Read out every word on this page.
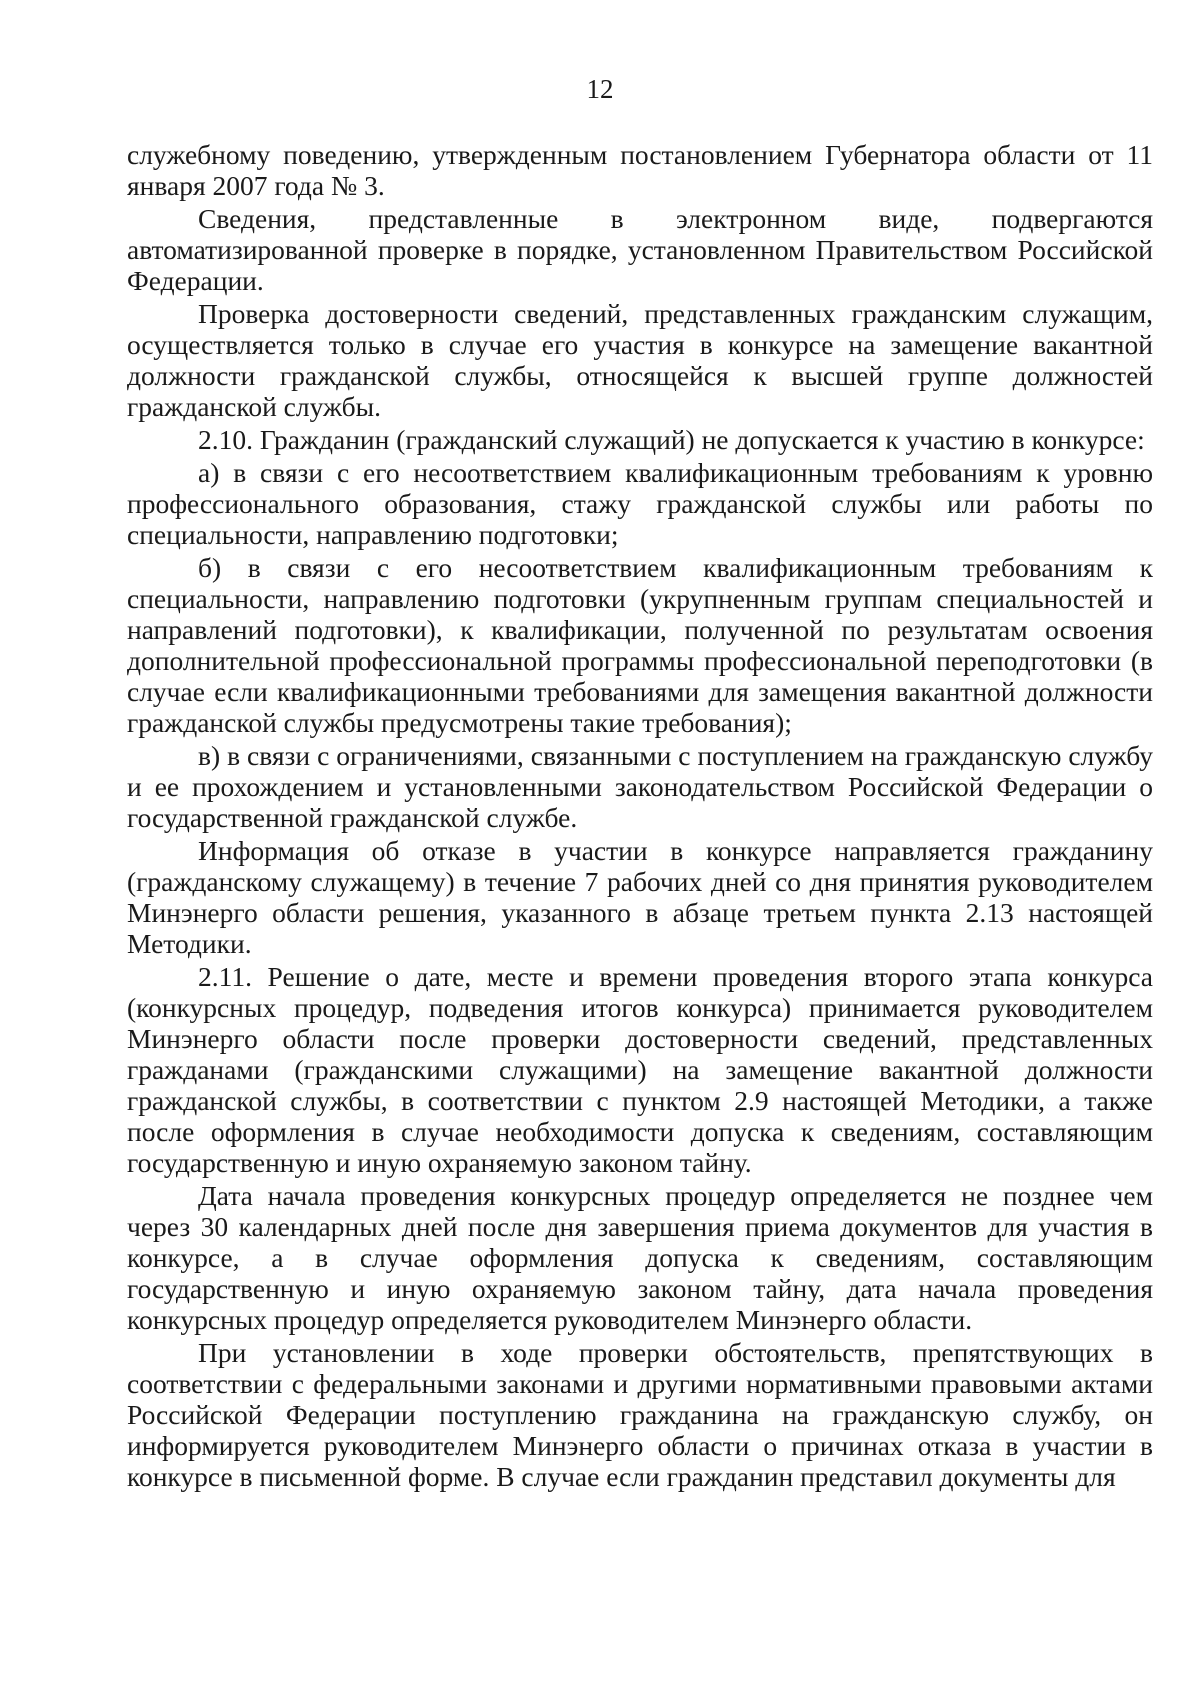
12

служебному поведению, утвержденным постановлением Губернатора области от 11 января 2007 года № 3.

Сведения, представленные в электронном виде, подвергаются автоматизированной проверке в порядке, установленном Правительством Российской Федерации.

Проверка достоверности сведений, представленных гражданским служащим, осуществляется только в случае его участия в конкурсе на замещение вакантной должности гражданской службы, относящейся к высшей группе должностей гражданской службы.

2.10. Гражданин (гражданский служащий) не допускается к участию в конкурсе:

а) в связи с его несоответствием квалификационным требованиям к уровню профессионального образования, стажу гражданской службы или работы по специальности, направлению подготовки;

б) в связи с его несоответствием квалификационным требованиям к специальности, направлению подготовки (укрупненным группам специальностей и направлений подготовки), к квалификации, полученной по результатам освоения дополнительной профессиональной программы профессиональной переподготовки (в случае если квалификационными требованиями для замещения вакантной должности гражданской службы предусмотрены такие требования);

в) в связи с ограничениями, связанными с поступлением на гражданскую службу и ее прохождением и установленными законодательством Российской Федерации о государственной гражданской службе.

Информация об отказе в участии в конкурсе направляется гражданину (гражданскому служащему) в течение 7 рабочих дней со дня принятия руководителем Минэнерго области решения, указанного в абзаце третьем пункта 2.13 настоящей Методики.

2.11. Решение о дате, месте и времени проведения второго этапа конкурса (конкурсных процедур, подведения итогов конкурса) принимается руководителем Минэнерго области после проверки достоверности сведений, представленных гражданами (гражданскими служащими) на замещение вакантной должности гражданской службы, в соответствии с пунктом 2.9 настоящей Методики, а также после оформления в случае необходимости допуска к сведениям, составляющим государственную и иную охраняемую законом тайну.

Дата начала проведения конкурсных процедур определяется не позднее чем через 30 календарных дней после дня завершения приема документов для участия в конкурсе, а в случае оформления допуска к сведениям, составляющим государственную и иную охраняемую законом тайну, дата начала проведения конкурсных процедур определяется руководителем Минэнерго области.

При установлении в ходе проверки обстоятельств, препятствующих в соответствии с федеральными законами и другими нормативными правовыми актами Российской Федерации поступлению гражданина на гражданскую службу, он информируется руководителем Минэнерго области о причинах отказа в участии в конкурсе в письменной форме. В случае если гражданин представил документы для
